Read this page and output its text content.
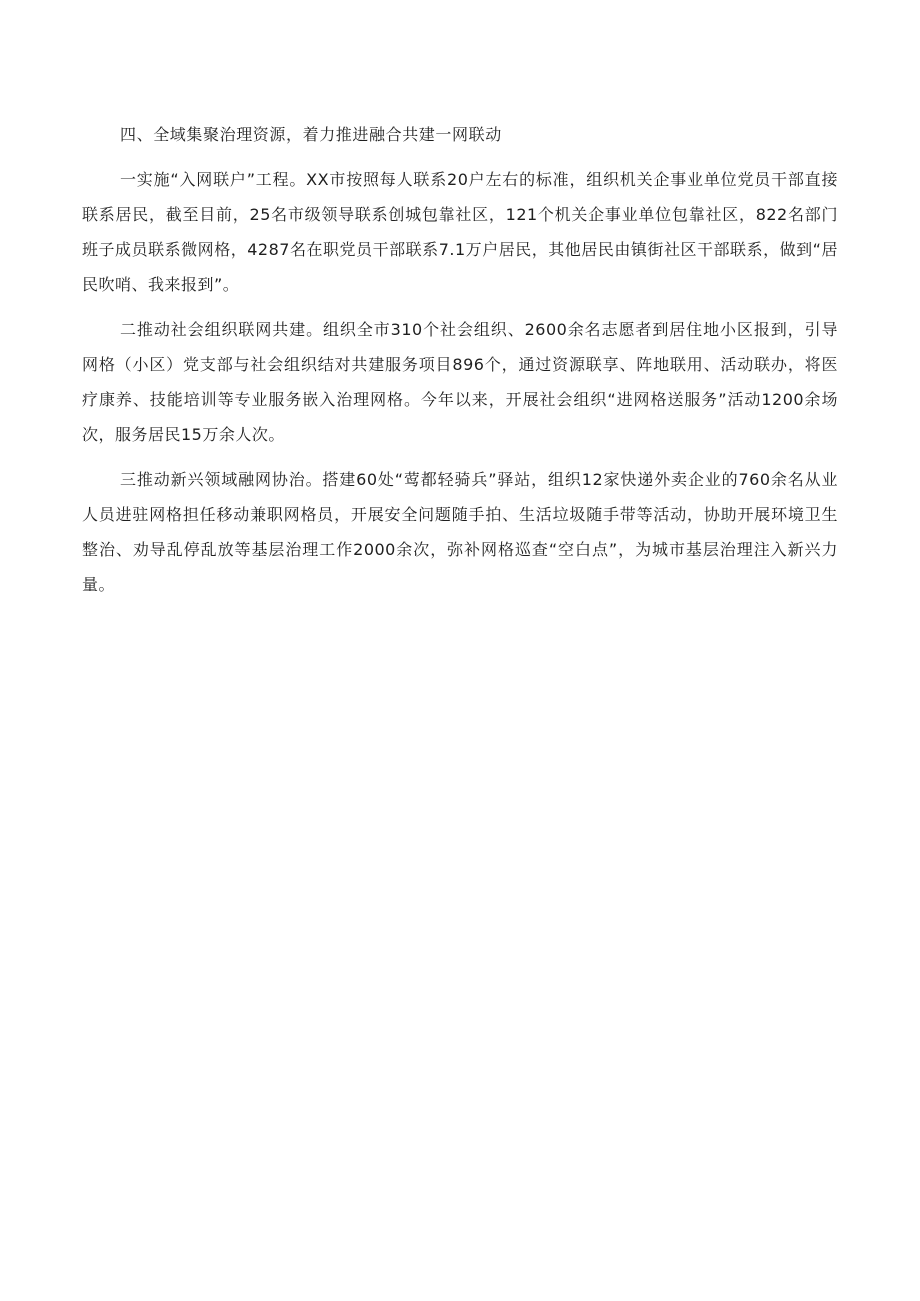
四、全域集聚治理资源，着力推进融合共建一网联动

一实施“入网联户”工程。XX市按照每人联系20户左右的标准，组织机关企事业单位党员干部直接联系居民，截至目前，25名市级领导联系创城包靠社区，121个机关企事业单位包靠社区，822名部门班子成员联系微网格，4287名在职党员干部联系7.1万户居民，其他居民由镇街社区干部联系，做到“居民吹哨、我来报到”。

二推动社会组织联网共建。组织全市310个社会组织、2600余名志愿者到居住地小区报到，引导网格（小区）党支部与社会组织结对共建服务项目896个，通过资源联享、阵地联用、活动联办，将医疗康养、技能培训等专业服务嵌入治理网格。今年以来，开展社会组织“进网格送服务”活动1200余场次，服务居民15万余人次。

三推动新兴领域融网协治。搭建60处“莺都轻骑兵”驿站，组织12家快递外卖企业的760余名从业人员进驻网格担任移动兼职网格员，开展安全问题随手拍、生活垃圾随手带等活动，协助开展环境卫生整治、劝导乱停乱放等基层治理工作2000余次，弥补网格巡查“空白点”，为城市基层治理注入新兴力量。
